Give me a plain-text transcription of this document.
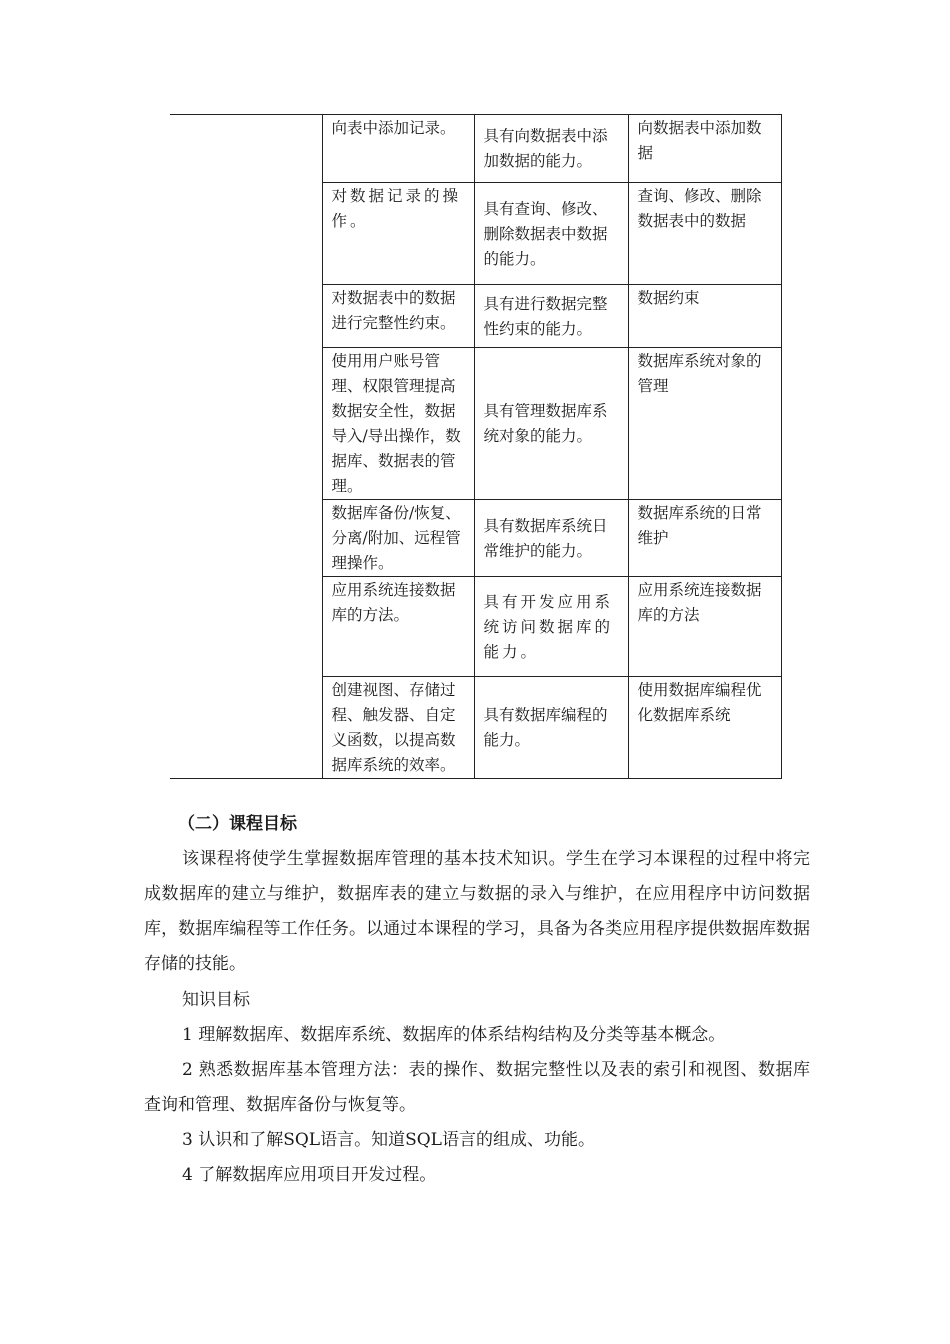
	向表中添加记录。	具有向数据表中添加数据的能力。	向数据表中添加数据
	对数据记录的操作。	具有查询、修改、删除数据表中数据的能力。	查询、修改、删除数据表中的数据
	对数据表中的数据进行完整性约束。	具有进行数据完整性约束的能力。	数据约束
	使用用户账号管理、权限管理提高数据安全性，数据导入/导出操作，数据库、数据表的管理。	具有管理数据库系统对象的能力。	数据库系统对象的管理
	数据库备份/恢复、分离/附加、远程管理操作。	具有数据库系统日常维护的能力。	数据库系统的日常维护
	应用系统连接数据库的方法。	具有开发应用系统访问数据库的能力。	应用系统连接数据库的方法
	创建视图、存储过程、触发器、自定义函数，以提高数据库系统的效率。	具有数据库编程的能力。	使用数据库编程优化数据库系统
（二）课程目标

该课程将使学生掌握数据库管理的基本技术知识。学生在学习本课程的过程中将完成数据库的建立与维护，数据库表的建立与数据的录入与维护，在应用程序中访问数据库，数据库编程等工作任务。以通过本课程的学习，具备为各类应用程序提供数据库数据存储的技能。

知识目标

1 理解数据库、数据库系统、数据库的体系结构结构及分类等基本概念。

2 熟悉数据库基本管理方法：表的操作、数据完整性以及表的索引和视图、数据库查询和管理、数据库备份与恢复等。

3 认识和了解SQL语言。知道SQL语言的组成、功能。

4 了解数据库应用项目开发过程。
